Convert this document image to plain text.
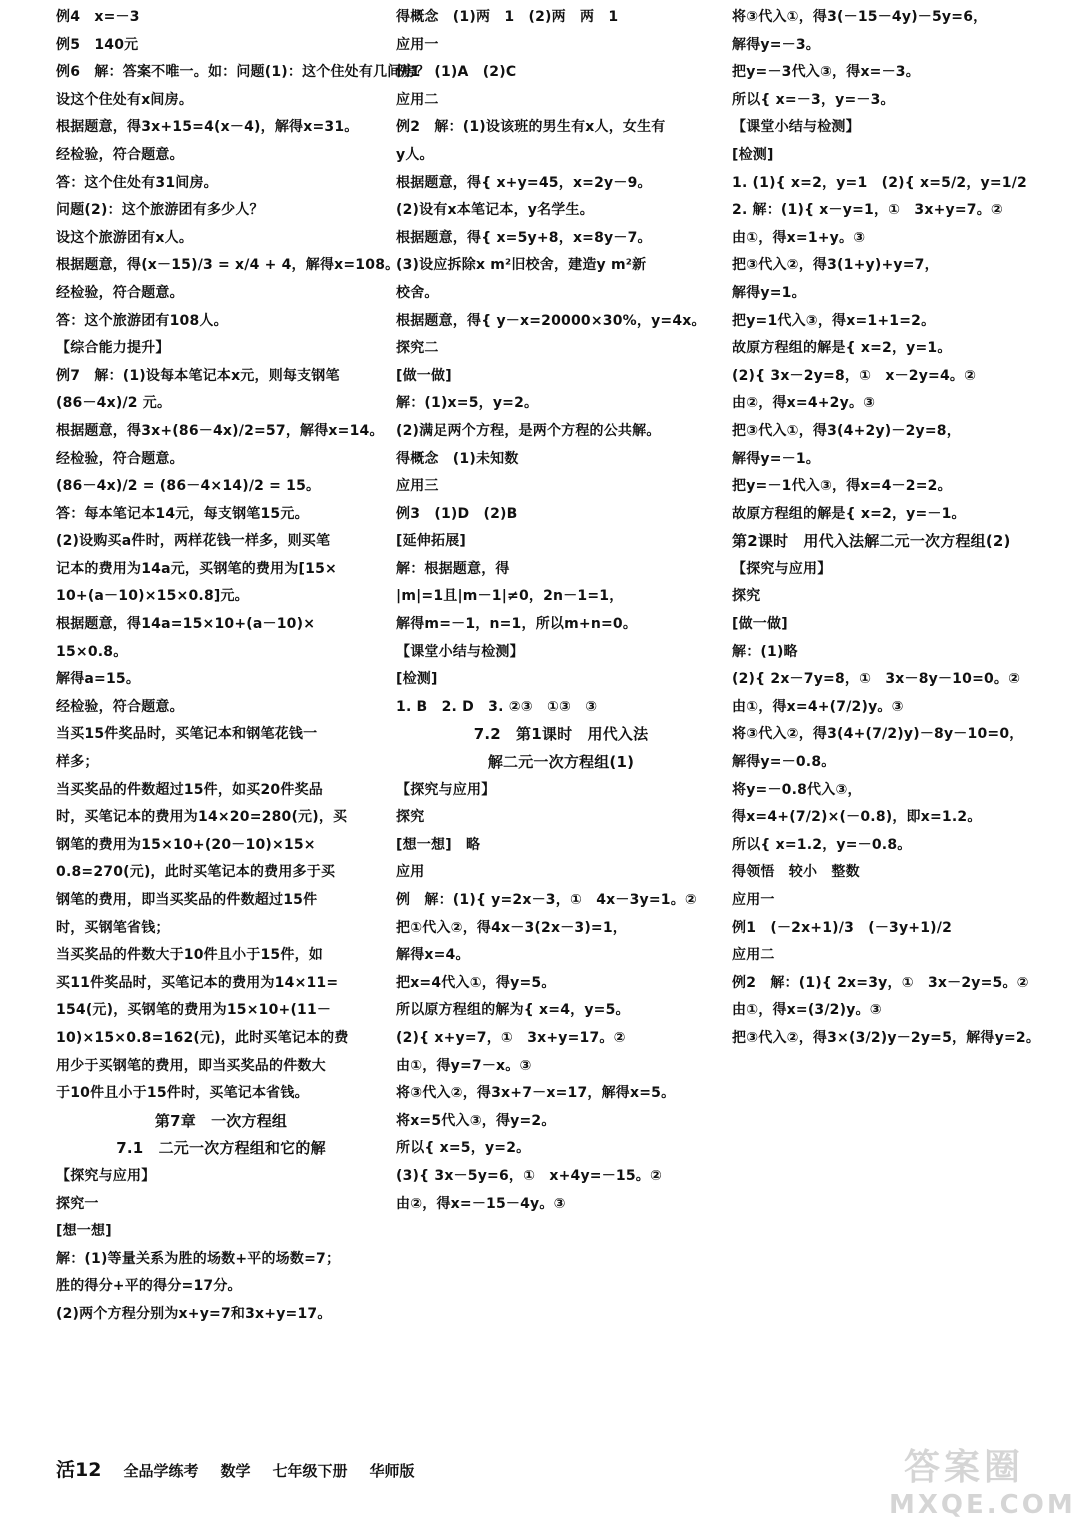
例4　x=－3
例5　140元
例6　解：答案不唯一。如：问题(1)：这个住处有几间房？
设这个住处有x间房。
根据题意，得3x+15=4(x－4)，解得x=31。
经检验，符合题意。
答：这个住处有31间房。
问题(2)：这个旅游团有多少人？
设这个旅游团有x人。
根据题意，得(x－15)/3 = x/4 + 4，解得x=108。
经检验，符合题意。
答：这个旅游团有108人。
【综合能力提升】
例7　解：(1)设每本笔记本x元，则每支钢笔
(86－4x)/2 元。
根据题意，得3x+(86－4x)/2=57，解得x=14。
经检验，符合题意。
(86－4x)/2 = (86－4×14)/2 = 15。
答：每本笔记本14元，每支钢笔15元。
(2)设购买a件时，两样花钱一样多，则买笔
记本的费用为14a元，买钢笔的费用为[15×
10+(a－10)×15×0.8]元。
根据题意，得14a=15×10+(a－10)×
15×0.8。
解得a=15。
经检验，符合题意。
当买15件奖品时，买笔记本和钢笔花钱一
样多；
当买奖品的件数超过15件，如买20件奖品
时，买笔记本的费用为14×20=280(元)，买
钢笔的费用为15×10+(20－10)×15×
0.8=270(元)，此时买笔记本的费用多于买
钢笔的费用，即当买奖品的件数超过15件
时，买钢笔省钱；
当买奖品的件数大于10件且小于15件，如
买11件奖品时，买笔记本的费用为14×11=
154(元)，买钢笔的费用为15×10+(11－
10)×15×0.8=162(元)，此时买笔记本的费
用少于买钢笔的费用，即当买奖品的件数大
于10件且小于15件时，买笔记本省钱。
第7章　一次方程组
7.1　二元一次方程组和它的解
【探究与应用】
探究一
[想一想]
解：(1)等量关系为胜的场数+平的场数=7；
胜的得分+平的得分=17分。
(2)两个方程分别为x+y=7和3x+y=17。
得概念　(1)两　1　(2)两　两　1
应用一
例1　(1)A　(2)C
应用二
例2　解：(1)设该班的男生有x人，女生有
y人。
根据题意，得{ x+y=45，x=2y－9。
(2)设有x本笔记本，y名学生。
根据题意，得{ x=5y+8，x=8y－7。
(3)设应拆除x m²旧校舍，建造y m²新
校舍。
根据题意，得{ y－x=20000×30%，y=4x。
探究二
[做一做]
解：(1)x=5，y=2。
(2)满足两个方程，是两个方程的公共解。
得概念　(1)未知数
应用三
例3　(1)D　(2)B
[延伸拓展]
解：根据题意，得
|m|=1且|m－1|≠0，2n－1=1，
解得m=－1，n=1，所以m+n=0。
【课堂小结与检测】
[检测]
1. B　2. D　3. ②③　①③　③
7.2　第1课时　用代入法
解二元一次方程组(1)
【探究与应用】
探究
[想一想]　略
应用
例　解：(1){ y=2x－3，①　4x－3y=1。②
把①代入②，得4x－3(2x－3)=1，
解得x=4。
把x=4代入①，得y=5。
所以原方程组的解为{ x=4，y=5。
(2){ x+y=7，①　3x+y=17。②
由①，得y=7－x。③
将③代入②，得3x+7－x=17，解得x=5。
将x=5代入③，得y=2。
所以{ x=5，y=2。
(3){ 3x－5y=6，①　x+4y=－15。②
由②，得x=－15－4y。③
将③代入①，得3(－15－4y)－5y=6，
解得y=－3。
把y=－3代入③，得x=－3。
所以{ x=－3，y=－3。
【课堂小结与检测】
[检测]
1. (1){ x=2，y=1　(2){ x=5/2，y=1/2
2. 解：(1){ x－y=1，①　3x+y=7。②
由①，得x=1+y。③
把③代入②，得3(1+y)+y=7，
解得y=1。
把y=1代入③，得x=1+1=2。
故原方程组的解是{ x=2，y=1。
(2){ 3x－2y=8，①　x－2y=4。②
由②，得x=4+2y。③
把③代入①，得3(4+2y)－2y=8，
解得y=－1。
把y=－1代入③，得x=4－2=2。
故原方程组的解是{ x=2，y=－1。
第2课时　用代入法解二元一次方程组(2)
【探究与应用】
探究
[做一做]
解：(1)略
(2){ 2x－7y=8，①　3x－8y－10=0。②
由①，得x=4+(7/2)y。③
将③代入②，得3(4+(7/2)y)－8y－10=0，
解得y=－0.8。
将y=－0.8代入③，
得x=4+(7/2)×(－0.8)，即x=1.2。
所以{ x=1.2，y=－0.8。
得领悟　较小　整数
应用一
例1　(－2x+1)/3　(－3y+1)/2
应用二
例2　解：(1){ 2x=3y，①　3x－2y=5。②
由①，得x=(3/2)y。③
把③代入②，得3×(3/2)y－2y=5，解得y=2。
活12 全品学练考 数学 七年级下册 华师版	答案圈
MXQE.COM
